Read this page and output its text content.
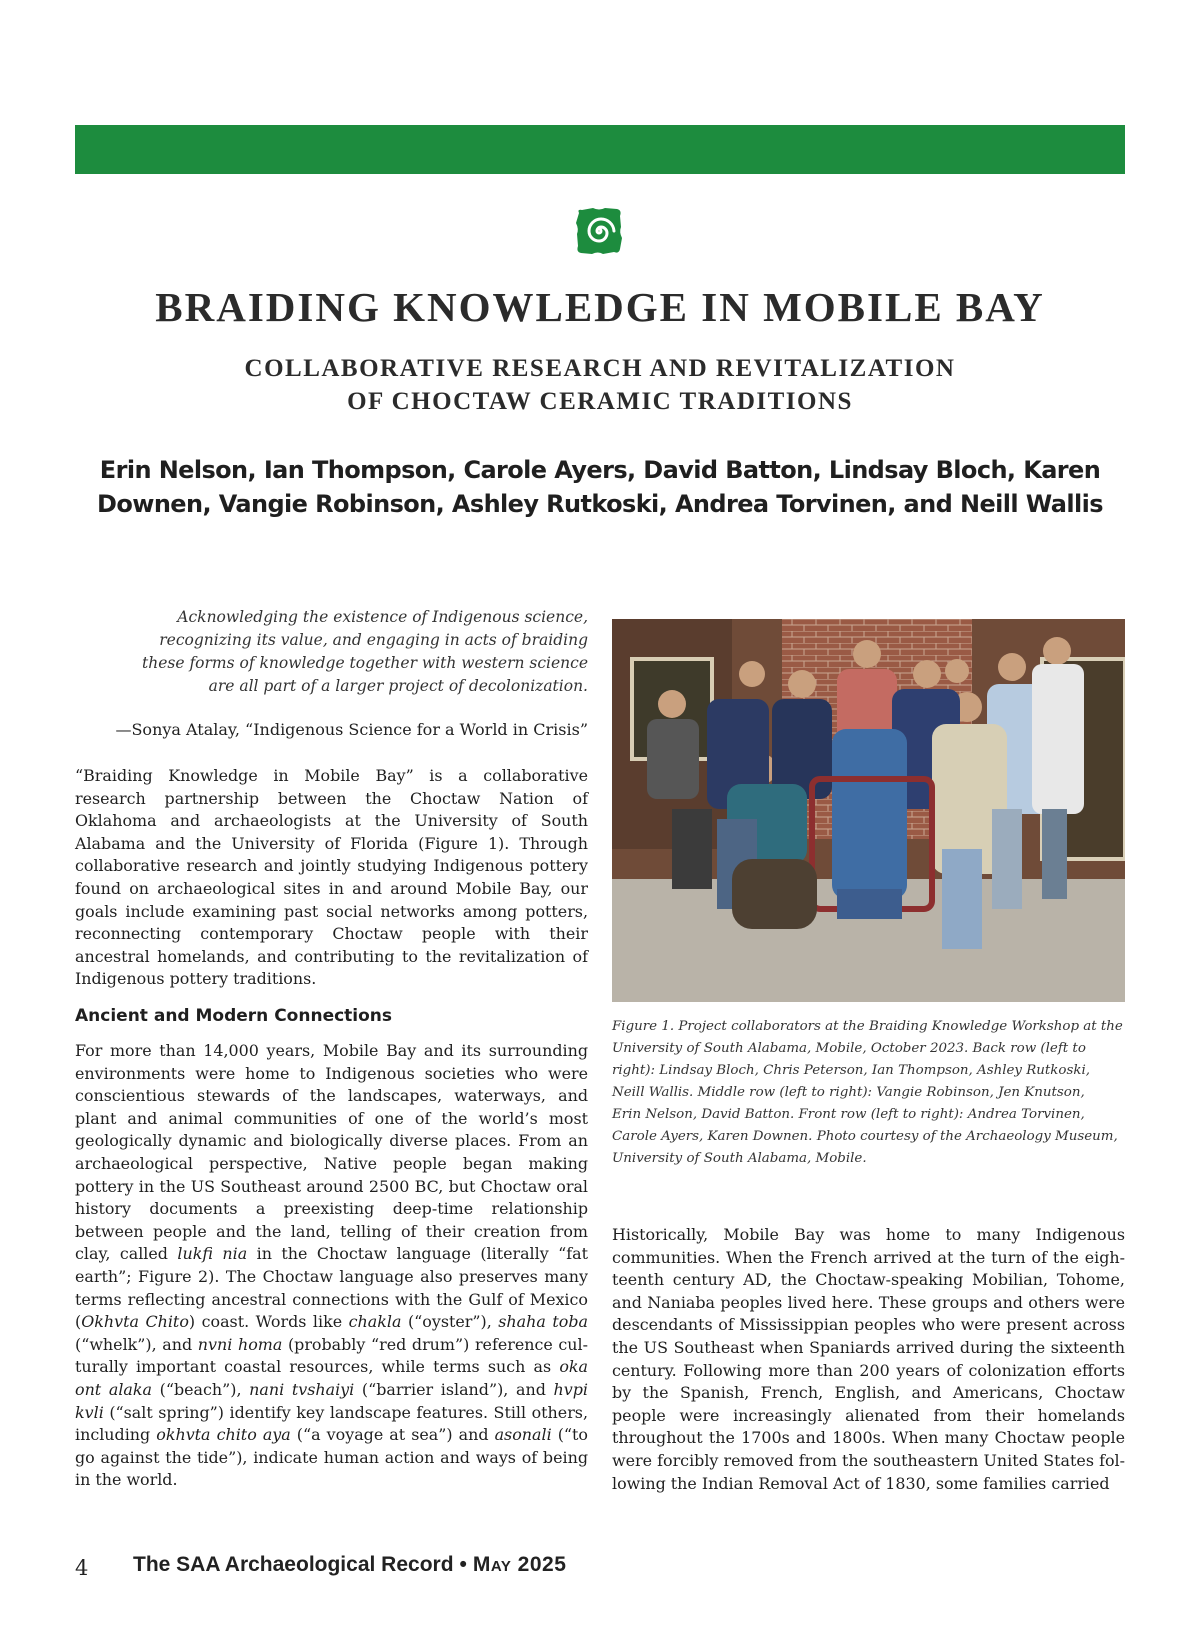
BRAIDING KNOWLEDGE IN MOBILE BAY
COLLABORATIVE RESEARCH AND REVITALIZATION
OF CHOCTAW CERAMIC TRADITIONS
Erin Nelson, Ian Thompson, Carole Ayers, David Batton, Lindsay Bloch, Karen
Downen, Vangie Robinson, Ashley Rutkoski, Andrea Torvinen, and Neill Wallis
Acknowledging the existence of Indigenous science,
recognizing its value, and engaging in acts of braiding
these forms of knowledge together with western science
are all part of a larger project of decolonization.
—Sonya Atalay, “Indigenous Science for a World in Crisis”

“Braiding Knowledge in Mobile Bay” is a collaborative research partnership between the Choctaw Nation of Oklahoma and archaeologists at the University of South Alabama and the University of Florida (Figure 1). Through collaborative research and jointly studying Indigenous pottery found on archaeological sites in and around Mobile Bay, our goals include examining past social networks among potters, reconnecting contemporary Choctaw people with their ancestral homelands, and contributing to the revitalization of Indigenous pottery traditions.

Ancient and Modern Connections

For more than 14,000 years, Mobile Bay and its surrounding environments were home to Indigenous societies who were conscientious stewards of the landscapes, waterways, and plant and animal communities of one of the world’s most geologically dynamic and biologically diverse places. From an archaeological perspective, Native people began making pottery in the US Southeast around 2500 BC, but Choctaw oral history documents a preexisting deep-time relationship between people and the land, telling of their creation from clay, called lukfi nia in the Choctaw language (literally “fat earth”; Figure 2). The Choctaw language also preserves many terms reflecting ancestral connections with the Gulf of Mexico (Okhvta Chito) coast. Words like chakla (“oyster”), shaha toba (“whelk”), and nvni homa (probably “red drum”) reference culturally important coastal resources, while terms such as oka ont alaka (“beach”), nani tvshaiyi (“barrier island”), and hvpi kvli (“salt spring”) identify key landscape features. Still others, including okhvta chito aya (“a voyage at sea”) and asonali (“to go against the tide”), indicate human action and ways of being in the world.

Figure 1. Project collaborators at the Braiding Knowledge Workshop at the
University of South Alabama, Mobile, October 2023. Back row (left to
right): Lindsay Bloch, Chris Peterson, Ian Thompson, Ashley Rutkoski,
Neill Wallis. Middle row (left to right): Vangie Robinson, Jen Knutson,
Erin Nelson, David Batton. Front row (left to right): Andrea Torvinen,
Carole Ayers, Karen Downen. Photo courtesy of the Archaeology Museum,
University of South Alabama, Mobile.

Historically, Mobile Bay was home to many Indigenous communities. When the French arrived at the turn of the eighteenth century AD, the Choctaw-speaking Mobilian, Tohome, and Naniaba peoples lived here. These groups and others were descendants of Mississippian peoples who were present across the US Southeast when Spaniards arrived during the sixteenth century. Following more than 200 years of colonization efforts by the Spanish, French, English, and Americans, Choctaw people were increasingly alienated from their homelands throughout the 1700s and 1800s. When many Choctaw people were forcibly removed from the southeastern United States following the Indian Removal Act of 1830, some families carried

4 The SAA Archaeological Record • May 2025
